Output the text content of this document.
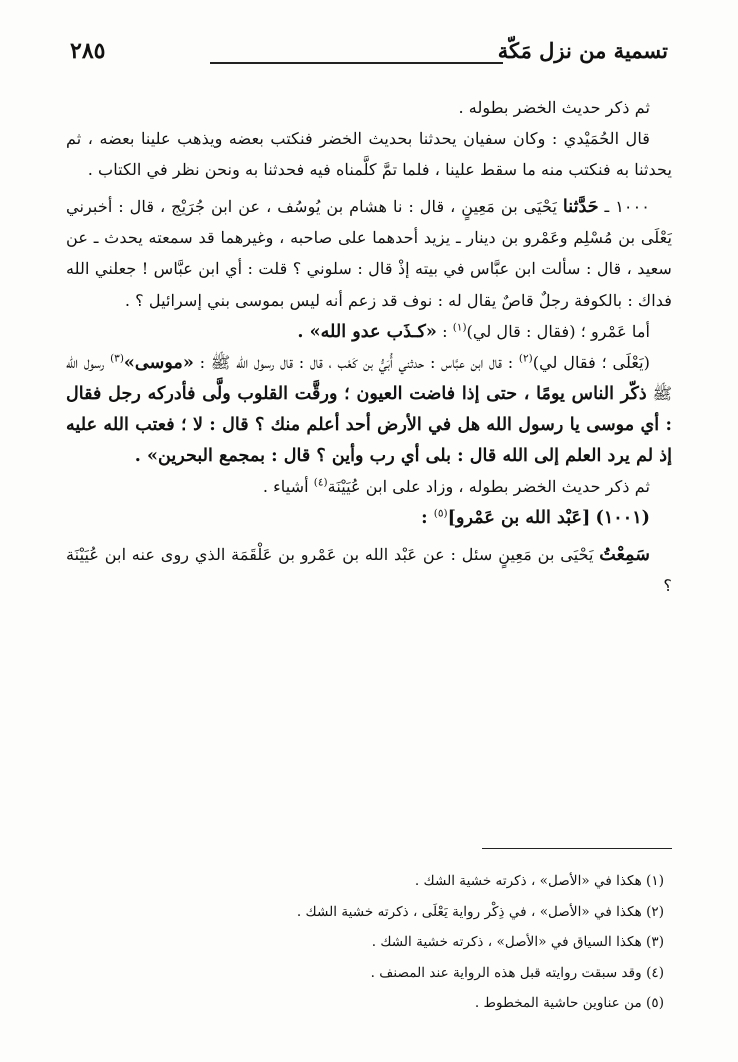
تسمية من نزل مَكّة
٢٨٥

ثم ذكر حديث الخضر بطوله .

قال الحُمَيْدي : وكان سفيان يحدثنا بحديث الخضر فنكتب بعضه ويذهب علينا بعضه ، ثم يحدثنا به فنكتب منه ما سقط علينا ، فلما تمَّ كلَّمناه فيه فحدثنا به ونحن نظر في الكتاب .

١٠٠٠ ـ حَدَّثنا يَحْيَى بن مَعِينٍ ، قال : نا هشام بن يُوسُف ، عن ابن جُرَيْج ، قال : أخبرني يَعْلَى بن مُسْلِم وعَمْرو بن دينار ـ يزيد أحدهما على صاحبه ، وغيرهما قد سمعته يحدث ـ عن سعيد ، قال : سألت ابن عبَّاس في بيته إذْ قال : سلوني ؟ قلت : أي ابن عبَّاس ! جعلني الله فداك : بالكوفة رجلٌ قاصٌ يقال له : نوف قد زعم أنه ليس بموسى بني إسرائيل ؟ .

أما عَمْرو ؛ (فقال : قال لي)$^{(١)}$ : «كـذَب عدو الله» .

(يَعْلَى ؛ فقال لي)$^{(٢)}$ : قال ابن عبَّاس : حدثني أُبَيُّ بن كَعْب ، قال : قال رسول الله ﷺ : «موسى»$^{(٣)}$ رسول الله ﷺ ذكّر الناس يومًا ، حتى إذا فاضت العيون ؛ ورقَّت القلوب ولَّى فأدركه رجل فقال : أي موسى يا رسول الله هل في الأرض أحد أعلم منك ؟ قال : لا ؛ فعتب الله عليه إذ لم يرد العلم إلى الله قال : بلى أي رب وأين ؟ قال : بمجمع البحرين» .

ثم ذكر حديث الخضر بطوله ، وزاد على ابن عُيَيْنَة$^{(٤)}$ أشياء .

(١٠٠١) [عَبْد الله بن عَمْرو]$^{(٥)}$ :

سَمِعْتُ يَحْيَى بن مَعِينٍ سئل : عن عَبْد الله بن عَمْرو بن عَلْقَمَة الذي روى عنه ابن عُيَيْنَة ؟

(١) هكذا في «الأصل» ، ذكرته خشية الشك .

(٢) هكذا في «الأصل» ، في ذِكْر رواية يَعْلَى ، ذكرته خشية الشك .

(٣) هكذا السياق في «الأصل» ، ذكرته خشية الشك .

(٤) وقد سبقت روايته قبل هذه الرواية عند المصنف .

(٥) من عناوين حاشية المخطوط .
